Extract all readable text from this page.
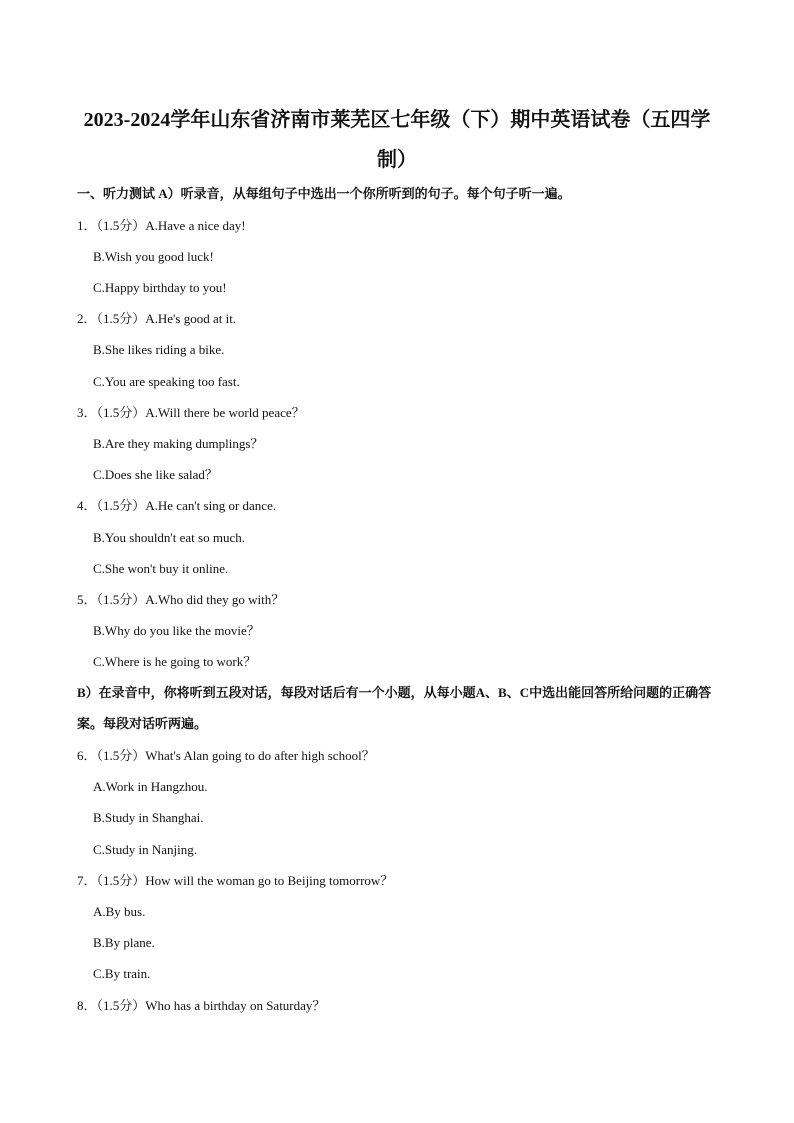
2023-2024学年山东省济南市莱芜区七年级（下）期中英语试卷（五四学制）
一、听力测试 A）听录音，从每组句子中选出一个你所听到的句子。每个句子听一遍。
1．（1.5分）A.Have a nice day!
B.Wish you good luck!
C.Happy birthday to you!
2．（1.5分）A.He's good at it.
B.She likes riding a bike.
C.You are speaking too fast.
3．（1.5分）A.Will there be world peace？
B.Are they making dumplings？
C.Does she like salad？
4．（1.5分）A.He can't sing or dance.
B.You shouldn't eat so much.
C.She won't buy it online.
5．（1.5分）A.Who did they go with？
B.Why do you like the movie？
C.Where is he going to work？
B）在录音中，你将听到五段对话，每段对话后有一个小题，从每小题A、B、C中选出能回答所给问题的正确答案。每段对话听两遍。
6．（1.5分）What's Alan going to do after high school？
A.Work in Hangzhou.
B.Study in Shanghai.
C.Study in Nanjing.
7．（1.5分）How will the woman go to Beijing tomorrow？
A.By bus.
B.By plane.
C.By train.
8．（1.5分）Who has a birthday on Saturday？
